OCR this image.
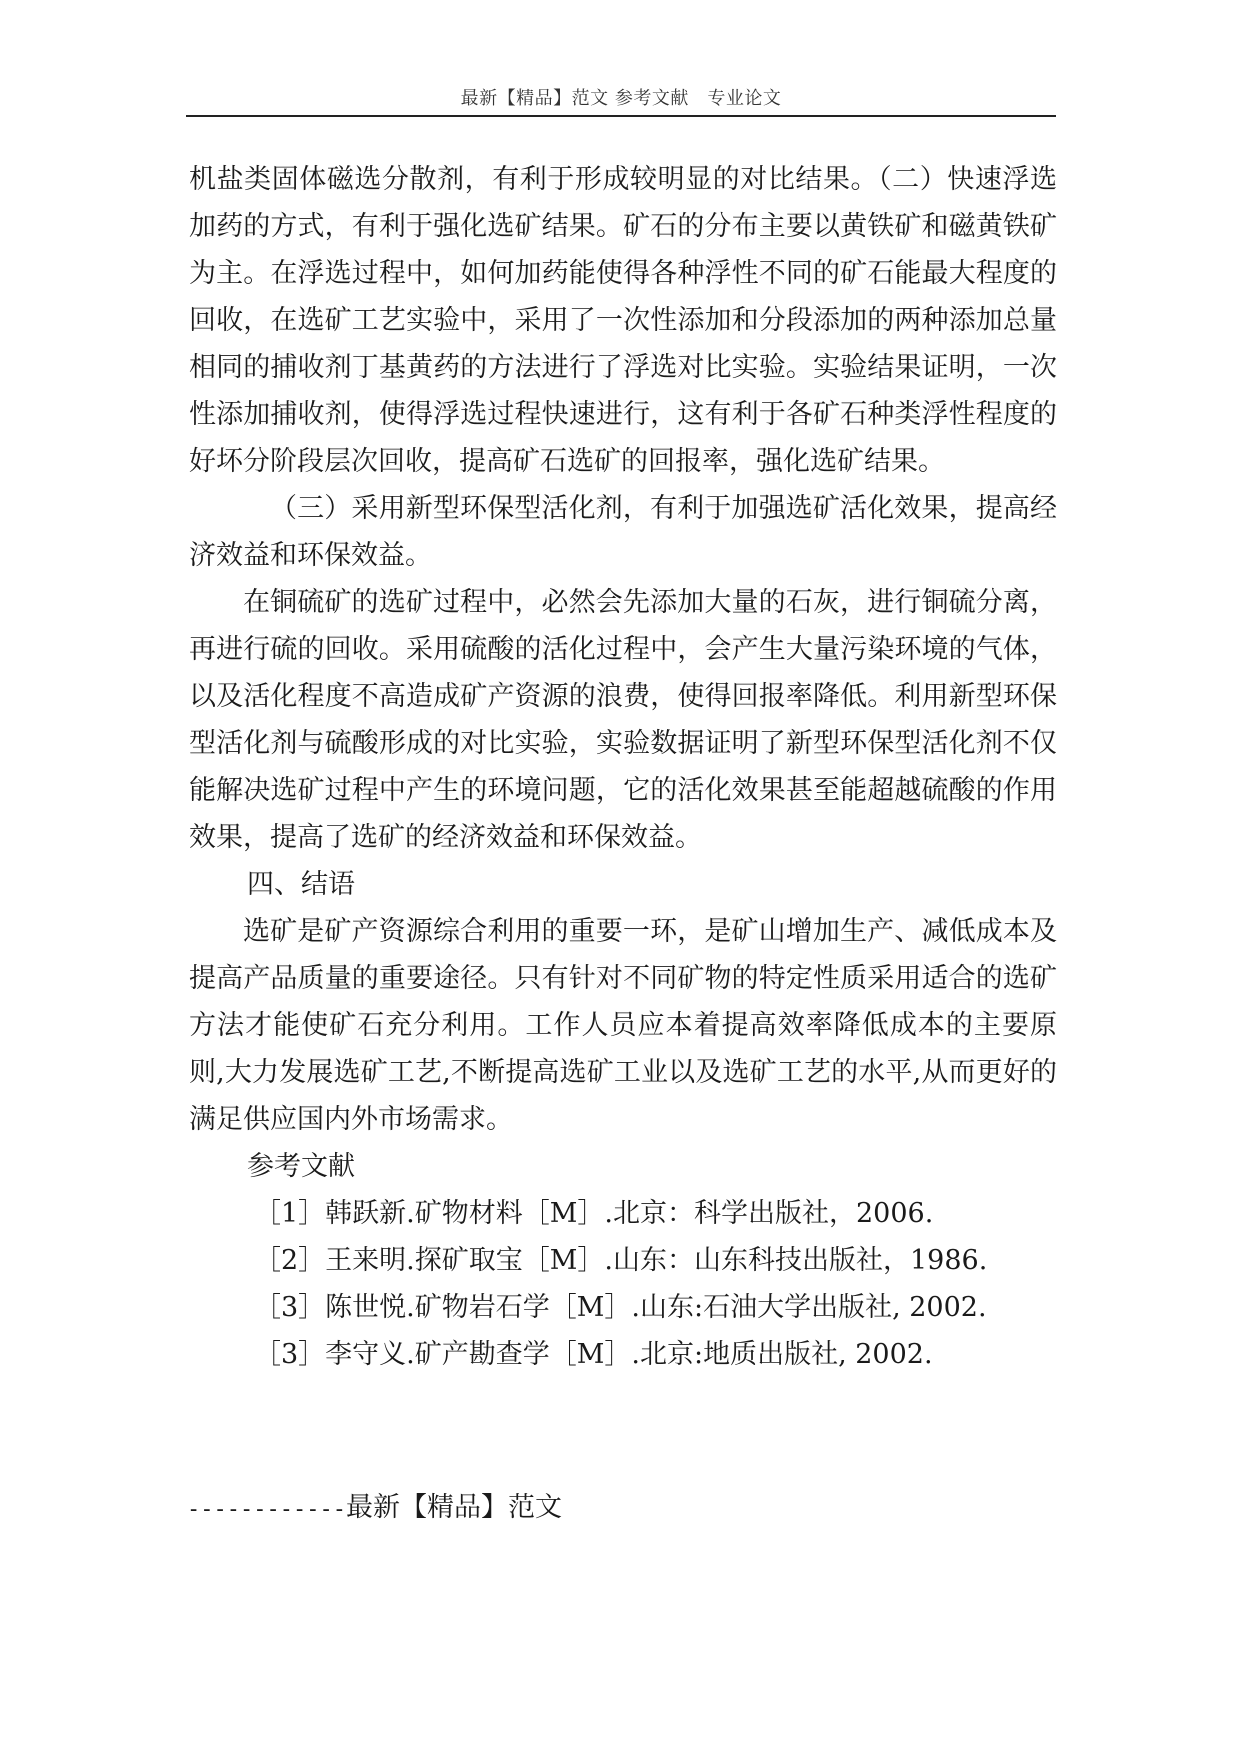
最新【精品】范文 参考文献　专业论文

机盐类固体磁选分散剂，有利于形成较明显的对比结果。（二）快速浮选加药的方式，有利于强化选矿结果。矿石的分布主要以黄铁矿和磁黄铁矿为主。在浮选过程中，如何加药能使得各种浮性不同的矿石能最大程度的回收，在选矿工艺实验中，采用了一次性添加和分段添加的两种添加总量相同的捕收剂丁基黄药的方法进行了浮选对比实验。实验结果证明，一次性添加捕收剂，使得浮选过程快速进行，这有利于各矿石种类浮性程度的好坏分阶段层次回收，提高矿石选矿的回报率，强化选矿结果。

（三）采用新型环保型活化剂，有利于加强选矿活化效果，提高经济效益和环保效益。

在铜硫矿的选矿过程中，必然会先添加大量的石灰，进行铜硫分离，再进行硫的回收。采用硫酸的活化过程中，会产生大量污染环境的气体，以及活化程度不高造成矿产资源的浪费，使得回报率降低。利用新型环保型活化剂与硫酸形成的对比实验，实验数据证明了新型环保型活化剂不仅能解决选矿过程中产生的环境问题，它的活化效果甚至能超越硫酸的作用效果，提高了选矿的经济效益和环保效益。

四、结语

选矿是矿产资源综合利用的重要一环，是矿山增加生产、减低成本及提高产品质量的重要途径。只有针对不同矿物的特定性质采用适合的选矿方法才能使矿石充分利用。工作人员应本着提高效率降低成本的主要原则,大力发展选矿工艺,不断提高选矿工业以及选矿工艺的水平,从而更好的满足供应国内外市场需求。

参考文献

［1］韩跃新.矿物材料［M］.北京：科学出版社，2006.

［2］王来明.探矿取宝［M］.山东：山东科技出版社，1986.

［3］陈世悦.矿物岩石学［M］.山东:石油大学出版社, 2002.

［3］李守义.矿产勘查学［M］.北京:地质出版社, 2002.

------------最新【精品】范文
